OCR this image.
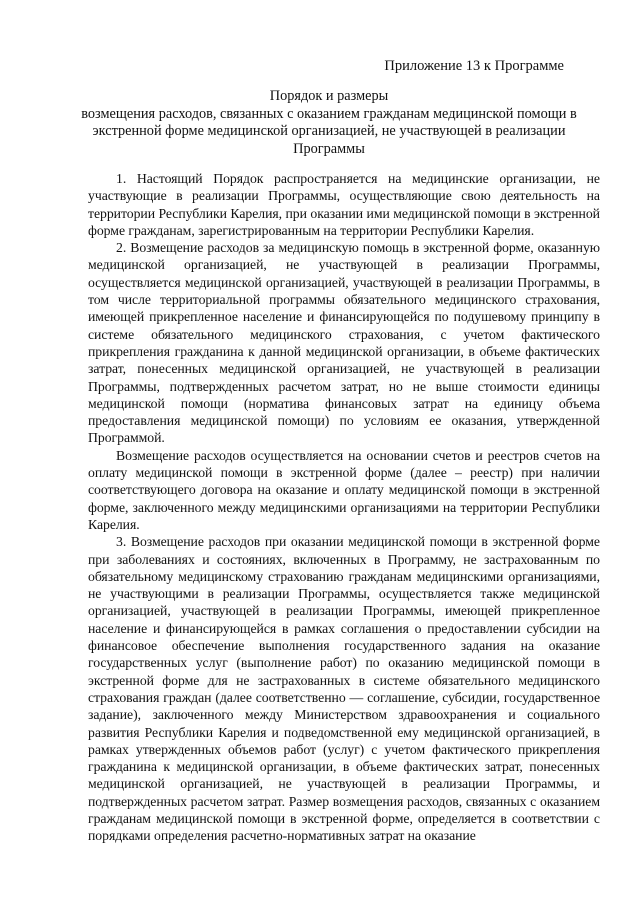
Приложение 13 к Программе
Порядок и размеры
возмещения расходов, связанных с оказанием гражданам медицинской помощи в
экстренной форме медицинской организацией, не участвующей в реализации
Программы

1. Настоящий Порядок распространяется на медицинские организации, не участвующие в реализации Программы, осуществляющие свою деятельность на территории Республики Карелия, при оказании ими медицинской помощи в экстренной форме гражданам, зарегистрированным на территории Республики Карелия.

2. Возмещение расходов за медицинскую помощь в экстренной форме, оказанную медицинской организацией, не участвующей в реализации Программы, осуществляется медицинской организацией, участвующей в реализации Программы, в том числе территориальной программы обязательного медицинского страхования, имеющей прикрепленное население и финансирующейся по подушевому принципу в системе обязательного медицинского страхования, с учетом фактического прикрепления гражданина к данной медицинской организации, в объеме фактических затрат, понесенных медицинской организацией, не участвующей в реализации Программы, подтвержденных расчетом затрат, но не выше стоимости единицы медицинской помощи (норматива финансовых затрат на единицу объема предоставления медицинской помощи) по условиям ее оказания, утвержденной Программой.

Возмещение расходов осуществляется на основании счетов и реестров счетов на оплату медицинской помощи в экстренной форме (далее – реестр) при наличии соответствующего договора на оказание и оплату медицинской помощи в экстренной форме, заключенного между медицинскими организациями на территории Республики Карелия.

3. Возмещение расходов при оказании медицинской помощи в экстренной форме при заболеваниях и состояниях, включенных в Программу, не застрахованным по обязательному медицинскому страхованию гражданам медицинскими организациями, не участвующими в реализации Программы, осуществляется также медицинской организацией, участвующей в реализации Программы, имеющей прикрепленное население и финансирующейся в рамках соглашения о предоставлении субсидии на финансовое обеспечение выполнения государственного задания на оказание государственных услуг (выполнение работ) по оказанию медицинской помощи в экстренной форме для не застрахованных в системе обязательного медицинского страхования граждан (далее соответственно — соглашение, субсидии, государственное задание), заключенного между Министерством здравоохранения и социального развития Республики Карелия и подведомственной ему медицинской организацией, в рамках утвержденных объемов работ (услуг) с учетом фактического прикрепления гражданина к медицинской организации, в объеме фактических затрат, понесенных медицинской организацией, не участвующей в реализации Программы, и подтвержденных расчетом затрат. Размер возмещения расходов, связанных с оказанием гражданам медицинской помощи в экстренной форме, определяется в соответствии с порядками определения расчетно-нормативных затрат на оказание
